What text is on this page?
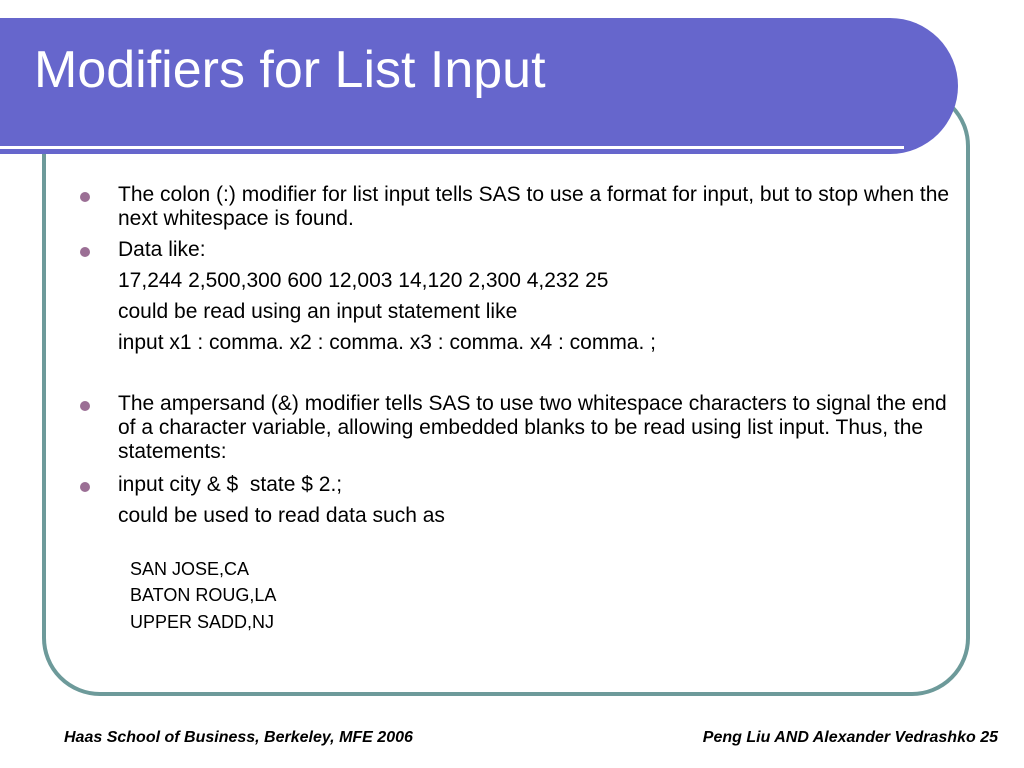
Modifiers for List Input
The colon (:) modifier for list input tells SAS to use a format for input, but to stop when the next whitespace is found.
Data like:
17,244 2,500,300 600 12,003 14,120 2,300 4,232 25
could be read using an input statement like
input x1 : comma. x2 : comma. x3 : comma. x4 : comma. ;
The ampersand (&) modifier tells SAS to use two whitespace characters to signal the end of a character variable, allowing embedded blanks to be read using list input. Thus, the statements:
input city & $  state $ 2.;
could be used to read data such as
SAN JOSE,CA
BATON ROUG,LA
UPPER SADD,NJ
Haas School of Business, Berkeley, MFE 2006	Peng Liu AND Alexander Vedrashko 25
